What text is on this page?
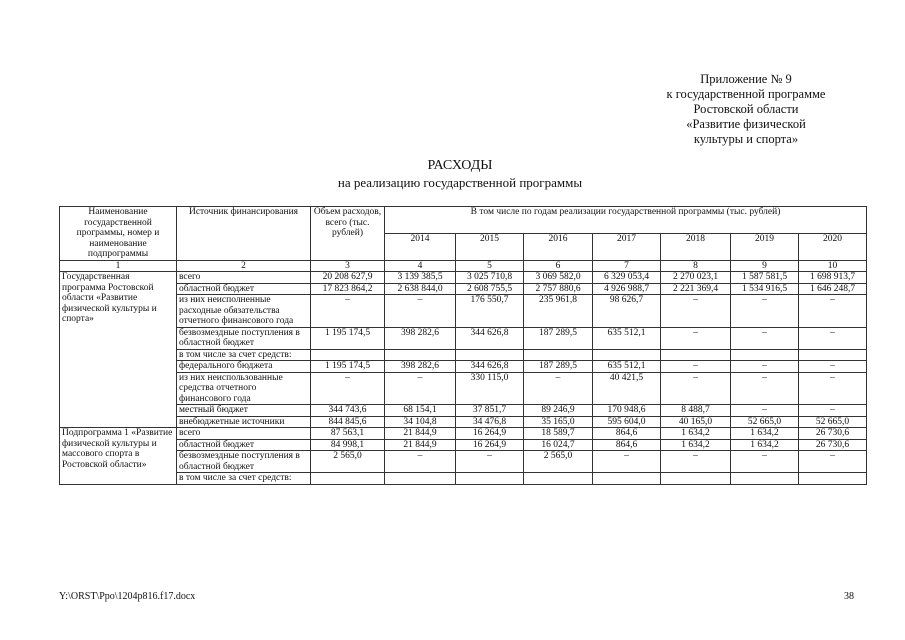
Приложение № 9
к государственной программе
Ростовской области
«Развитие физической
культуры и спорта»
РАСХОДЫ
на реализацию государственной программы
Наименование государственной программы, номер и наименование подпрограммы	Источник финансирования	Объем расходов, всего (тыс. рублей)	В том числе по годам реализации государственной программы (тыс. рублей)						
			2014	2015	2016	2017	2018	2019	2020
1	2	3	4	5	6	7	8	9	10
Государственная программа Ростовской области «Развитие физической культуры и спорта»	всего	20 208 627,9	3 139 385,5	3 025 710,8	3 069 582,0	6 329 053,4	2 270 023,1	1 587 581,5	1 698 913,7
	областной бюджет	17 823 864,2	2 638 844,0	2 608 755,5	2 757 880,6	4 926 988,7	2 221 369,4	1 534 916,5	1 646 248,7
	из них неисполненные расходные обязательства отчетного финансового года	–	–	176 550,7	235 961,8	98 626,7	–	–	–
	безвозмездные поступления в областной бюджет	1 195 174,5	398 282,6	344 626,8	187 289,5	635 512,1	–	–	–
	в том числе за счет средств:								
	федерального бюджета	1 195 174,5	398 282,6	344 626,8	187 289,5	635 512,1	–	–	–
	из них неиспользованные средства отчетного финансового года	–	–	330 115,0	–	40 421,5	–	–	–
	местный бюджет	344 743,6	68 154,1	37 851,7	89 246,9	170 948,6	8 488,7	–	–
	внебюджетные источники	844 845,6	34 104,8	34 476,8	35 165,0	595 604,0	40 165,0	52 665,0	52 665,0
Подпрограмма 1 «Развитие физической культуры и массового спорта в Ростовской области»	всего	87 563,1	21 844,9	16 264,9	18 589,7	864,6	1 634,2	1 634,2	26 730,6
	областной бюджет	84 998,1	21 844,9	16 264,9	16 024,7	864,6	1 634,2	1 634,2	26 730,6
	безвозмездные поступления в областной бюджет	2 565,0	–	–	2 565,0	–	–	–	–
	в том числе за счет средств:								
Y:\ORST\Ppo\1204p816.f17.docx	38
